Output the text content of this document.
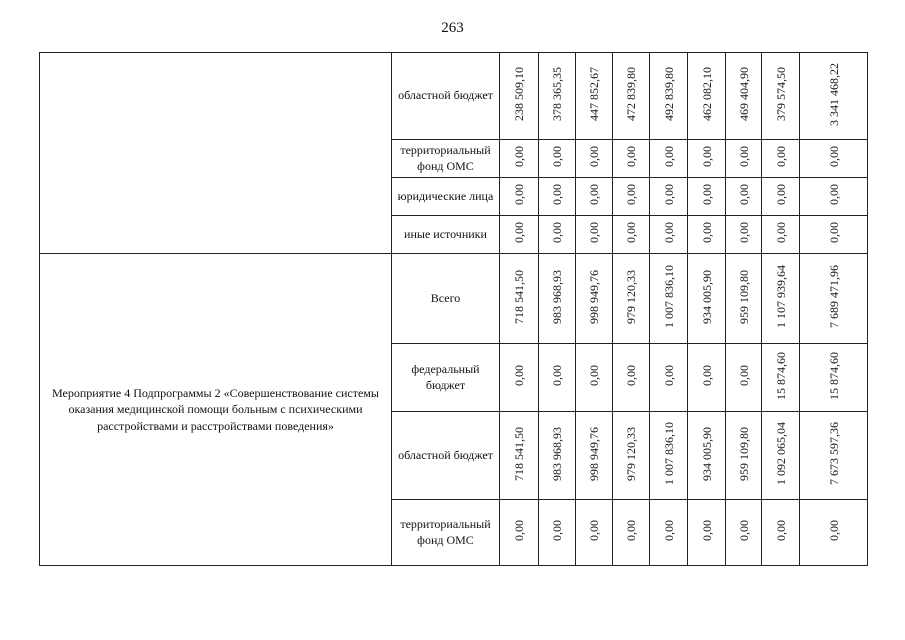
263
	областной бюджет	238 509,10	378 365,35	447 852,67	472 839,80	492 839,80	462 082,10	469 404,90	379 574,50	3 341 468,22
	территориальный фонд ОМС	0,00	0,00	0,00	0,00	0,00	0,00	0,00	0,00	0,00
	юридические лица	0,00	0,00	0,00	0,00	0,00	0,00	0,00	0,00	0,00
	иные источники	0,00	0,00	0,00	0,00	0,00	0,00	0,00	0,00	0,00
Мероприятие 4 Подпрограммы 2 «Совершенствование системы оказания медицинской помощи больным с психическими расстройствами и расстройствами поведения»	Всего	718 541,50	983 968,93	998 949,76	979 120,33	1 007 836,10	934 005,90	959 109,80	1 107 939,64	7 689 471,96
	федеральный бюджет	0,00	0,00	0,00	0,00	0,00	0,00	0,00	15 874,60	15 874,60
	областной бюджет	718 541,50	983 968,93	998 949,76	979 120,33	1 007 836,10	934 005,90	959 109,80	1 092 065,04	7 673 597,36
	территориальный фонд ОМС	0,00	0,00	0,00	0,00	0,00	0,00	0,00	0,00	0,00
